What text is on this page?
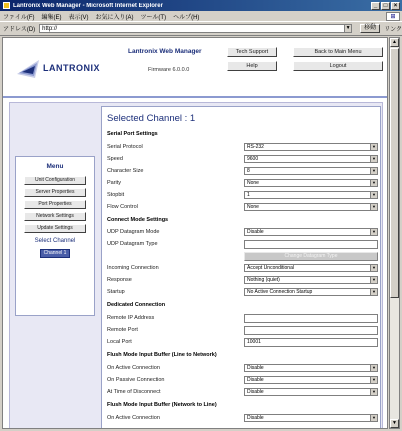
Lantronix Web Manager - Microsoft Internet Explorer	_	□	×
ファイル(F) 編集(E) 表示(V) お気に入り(A) ツール(T) ヘルプ(H)	⊞
アドレス(D) http://	▼	移動	リンク
LANTRONIX
Lantronix Web Manager
Firmware 6.0.0.0
Tech Support	Back to Main Menu
Help	Logout
Menu
Unit Configuration
Server Properties
Port Properties
Network Settings
Update Settings
Select Channel
Channel 1
Selected Channel : 1
Serial Port Settings
Serial Protocol	RS-232	▼
Speed	9600	▼
Character Size	8	▼
Parity	None	▼
Stopbit	1	▼
Flow Control	None	▼
Connect Mode Settings
UDP Datagram Mode	Disable	▼
UDP Datagram Type
Change Datagram Type
Incoming Connection	Accept Unconditional	▼
Response	Nothing (quiet)	▼
Startup	No Active Connection Startup	▼
Dedicated Connection
Remote IP Address
Remote Port
Local Port	10001
Flush Mode Input Buffer (Line to Network)
On Active Connection	Disable	▼
On Passive Connection	Disable	▼
At Time of Disconnect	Disable	▼
Flush Mode Input Buffer (Network to Line)
On Active Connection	Disable	▼
▲
▼
